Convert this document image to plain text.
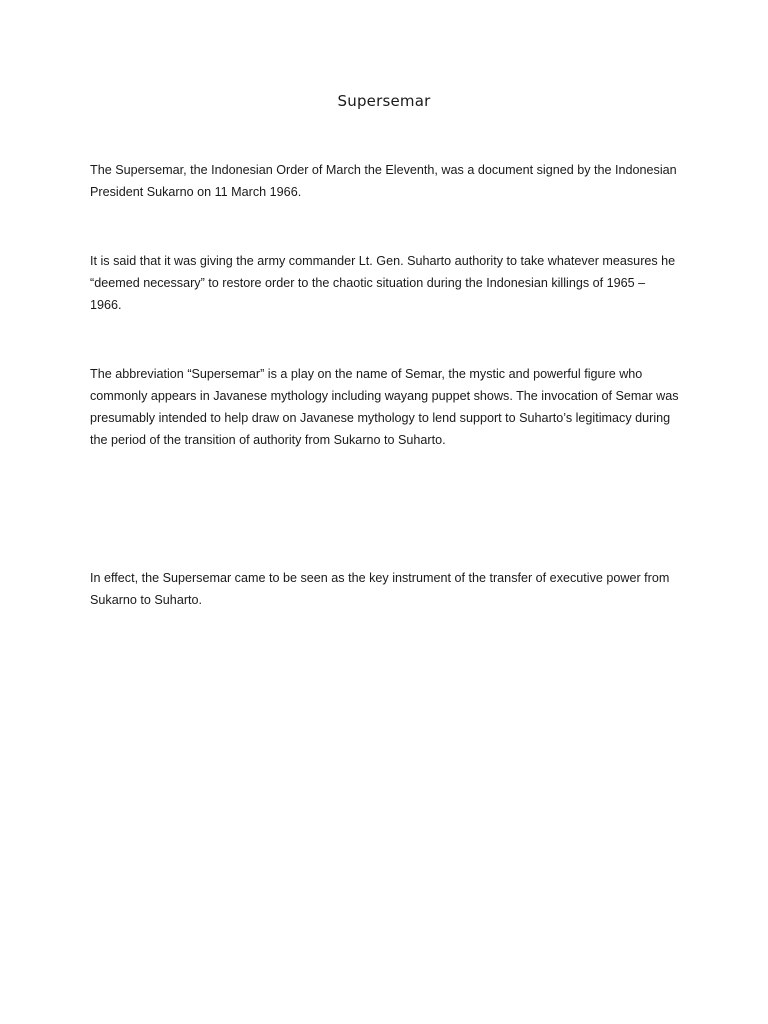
Supersemar

The Supersemar, the Indonesian Order of March the Eleventh, was a document signed by the Indonesian President Sukarno on 11 March 1966.

It is said that it was giving the army commander Lt. Gen. Suharto authority to take whatever measures he “deemed necessary” to restore order to the chaotic situation during the Indonesian killings of 1965 – 1966.

The abbreviation “Supersemar” is a play on the name of Semar, the mystic and powerful figure who commonly appears in Javanese mythology including wayang puppet shows. The invocation of Semar was presumably intended to help draw on Javanese mythology to lend support to Suharto’s legitimacy during the period of the transition of authority from Sukarno to Suharto.

In effect, the Supersemar came to be seen as the key instrument of the transfer of executive power from Sukarno to Suharto.
